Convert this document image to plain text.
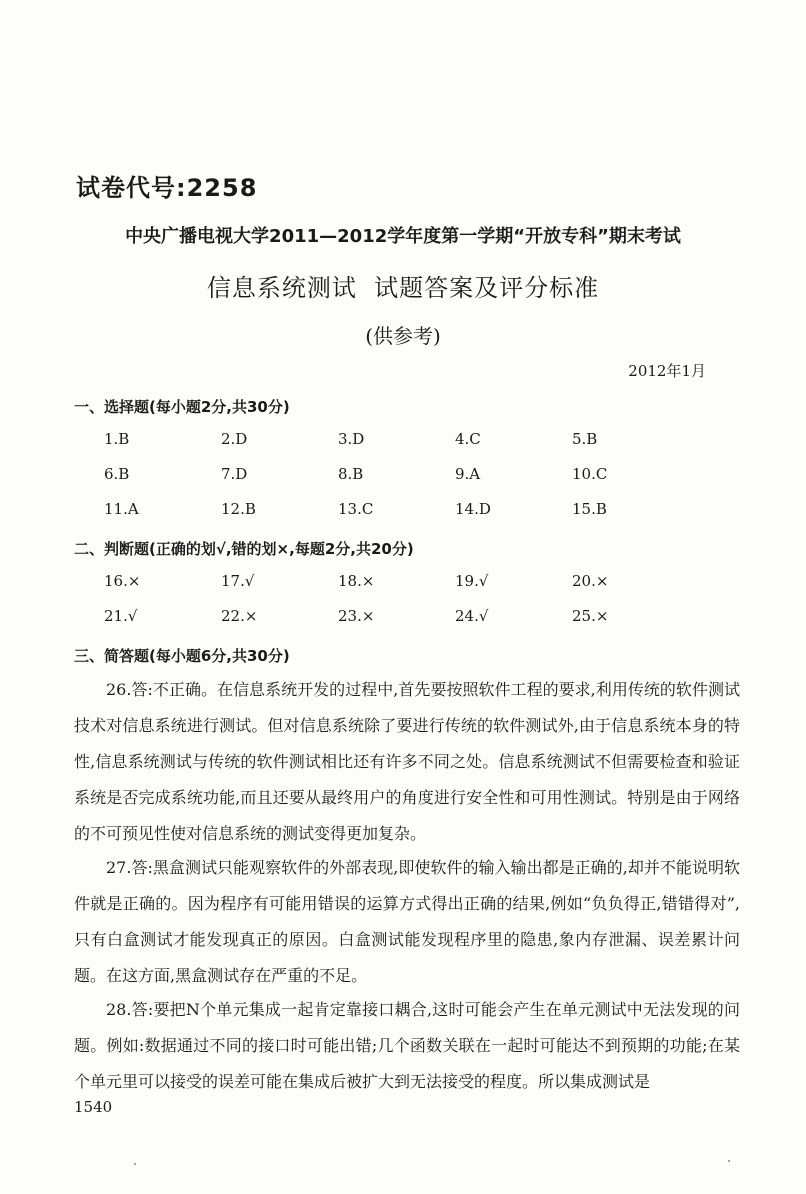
试卷代号:2258
中央广播电视大学2011—2012学年度第一学期“开放专科”期末考试
信息系统测试  试题答案及评分标准
(供参考)
2012年1月
一、选择题(每小题2分,共30分)
1.B	2.D	3.D	4.C	5.B
6.B	7.D	8.B	9.A	10.C
11.A	12.B	13.C	14.D	15.B
二、判断题(正确的划√,错的划×,每题2分,共20分)
16.×	17.√	18.×	19.√	20.×
21.√	22.×	23.×	24.√	25.×
三、简答题(每小题6分,共30分)

26.答:不正确。在信息系统开发的过程中,首先要按照软件工程的要求,利用传统的软件测试技术对信息系统进行测试。但对信息系统除了要进行传统的软件测试外,由于信息系统本身的特性,信息系统测试与传统的软件测试相比还有许多不同之处。信息系统测试不但需要检查和验证系统是否完成系统功能,而且还要从最终用户的角度进行安全性和可用性测试。特别是由于网络的不可预见性使对信息系统的测试变得更加复杂。

27.答:黑盒测试只能观察软件的外部表现,即使软件的输入输出都是正确的,却并不能说明软件就是正确的。因为程序有可能用错误的运算方式得出正确的结果,例如“负负得正,错错得对”,只有白盒测试才能发现真正的原因。白盒测试能发现程序里的隐患,象内存泄漏、误差累计问题。在这方面,黑盒测试存在严重的不足。

28.答:要把N个单元集成一起肯定靠接口耦合,这时可能会产生在单元测试中无法发现的问题。例如:数据通过不同的接口时可能出错;几个函数关联在一起时可能达不到预期的功能;在某个单元里可以接受的误差可能在集成后被扩大到无法接受的程度。所以集成测试是

1540
